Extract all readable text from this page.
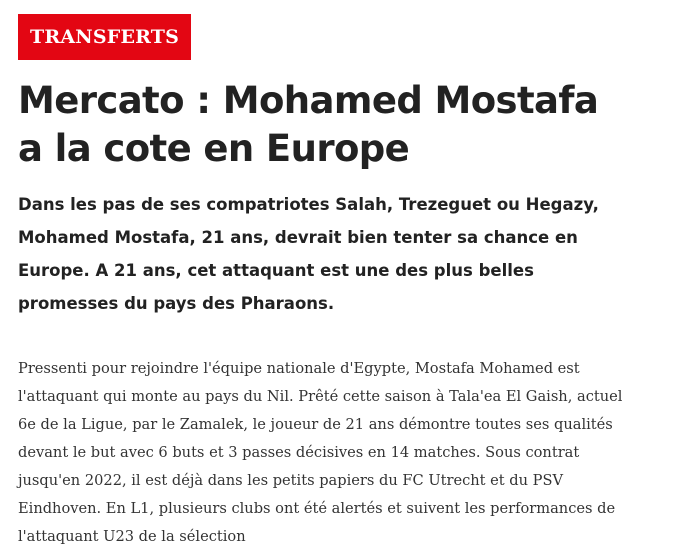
TRANSFERTS
Mercato : Mohamed Mostafa a la cote en Europe

Dans les pas de ses compatriotes Salah, Trezeguet ou Hegazy, Mohamed Mostafa, 21 ans, devrait bien tenter sa chance en Europe. A 21 ans, cet attaquant est une des plus belles promesses du pays des Pharaons.

Pressenti pour rejoindre l'équipe nationale d'Egypte, Mostafa Mohamed est l'attaquant qui monte au pays du Nil. Prêté cette saison à Tala'ea El Gaish, actuel 6e de la Ligue, par le Zamalek, le joueur de 21 ans démontre toutes ses qualités devant le but avec 6 buts et 3 passes décisives en 14 matches. Sous contrat jusqu'en 2022, il est déjà dans les petits papiers du FC Utrecht et du PSV Eindhoven. En L1, plusieurs clubs ont été alertés et suivent les performances de l'attaquant U23 de la sélection
